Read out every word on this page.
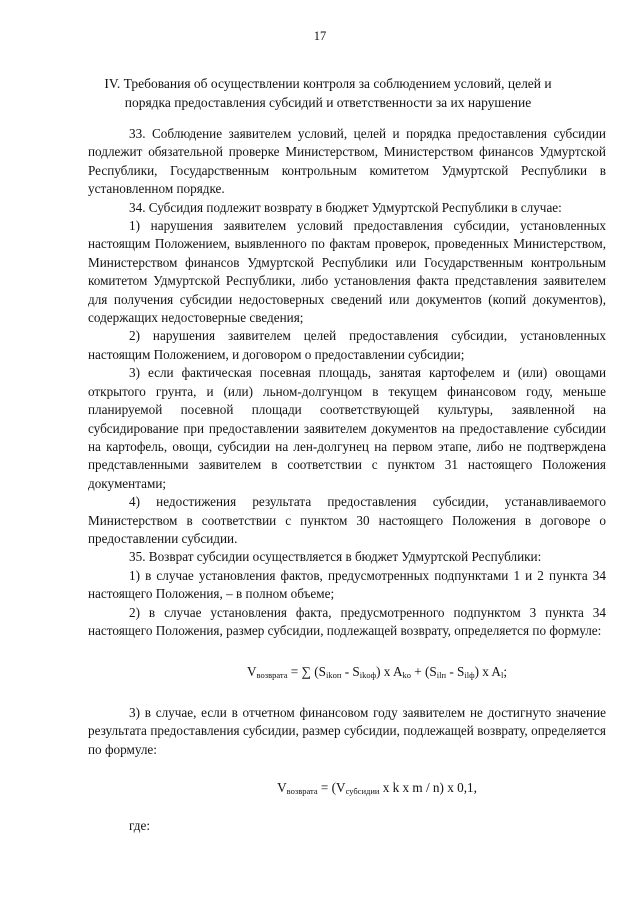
17
IV. Требования об осуществлении контроля за соблюдением условий, целей и порядка предоставления субсидий и ответственности за их нарушение

33. Соблюдение заявителем условий, целей и порядка предоставления субсидии подлежит обязательной проверке Министерством, Министерством финансов Удмуртской Республики, Государственным контрольным комитетом Удмуртской Республики в установленном порядке.

34. Субсидия подлежит возврату в бюджет Удмуртской Республики в случае:

1) нарушения заявителем условий предоставления субсидии, установленных настоящим Положением, выявленного по фактам проверок, проведенных Министерством, Министерством финансов Удмуртской Республики или Государственным контрольным комитетом Удмуртской Республики, либо установления факта представления заявителем для получения субсидии недостоверных сведений или документов (копий документов), содержащих недостоверные сведения;

2) нарушения заявителем целей предоставления субсидии, установленных настоящим Положением, и договором о предоставлении субсидии;

3) если фактическая посевная площадь, занятая картофелем и (или) овощами открытого грунта, и (или) льном-долгунцом в текущем финансовом году, меньше планируемой посевной площади соответствующей культуры, заявленной на субсидирование при предоставлении заявителем документов на предоставление субсидии на картофель, овощи, субсидии на лен-долгунец на первом этапе, либо не подтверждена представленными заявителем в соответствии с пунктом 31 настоящего Положения документами;

4) недостижения результата предоставления субсидии, устанавливаемого Министерством в соответствии с пунктом 30 настоящего Положения в договоре о предоставлении субсидии.

35. Возврат субсидии осуществляется в бюджет Удмуртской Республики:

1) в случае установления фактов, предусмотренных подпунктами 1 и 2 пункта 34 настоящего Положения, – в полном объеме;

2) в случае установления факта, предусмотренного подпунктом 3 пункта 34 настоящего Положения, размер субсидии, подлежащей возврату, определяется по формуле:

$V_{возврата}$ = ∑ $(S_{ikоп} - S_{ikоф})$ x $A_{ko} + (S_{ilп} - S_{ilф})$ x $A_l$;

3) в случае, если в отчетном финансовом году заявителем не достигнуто значение результата предоставления субсидии, размер субсидии, подлежащей возврату, определяется по формуле:

$V_{возврата} = (V_{субсидии}$ x k x m / n) x 0,1,

где:
